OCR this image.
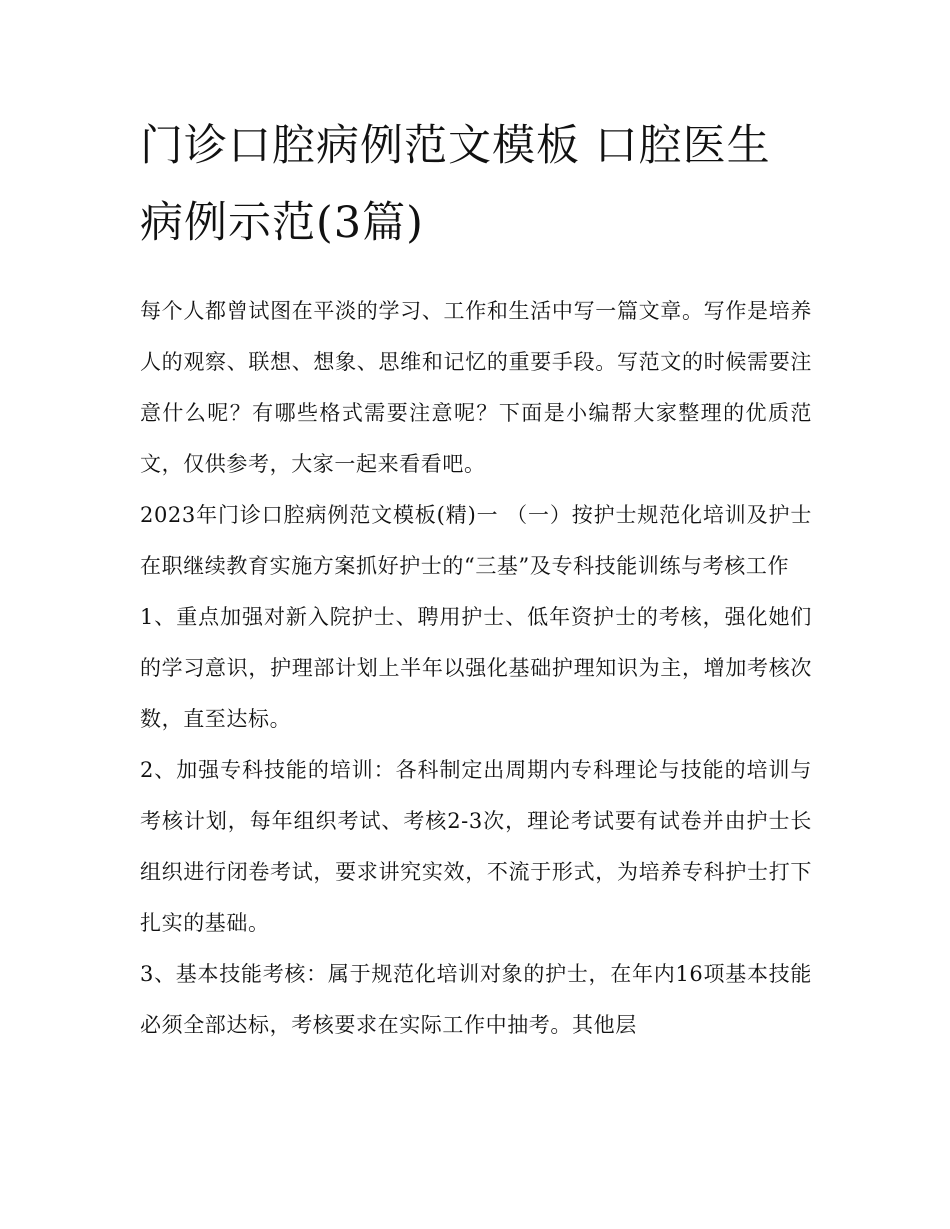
门诊口腔病例范文模板 口腔医生病例示范(3篇)

每个人都曾试图在平淡的学习、工作和生活中写一篇文章。写作是培养人的观察、联想、想象、思维和记忆的重要手段。写范文的时候需要注意什么呢？有哪些格式需要注意呢？下面是小编帮大家整理的优质范文，仅供参考，大家一起来看看吧。

2023年门诊口腔病例范文模板(精)一 （一）按护士规范化培训及护士在职继续教育实施方案抓好护士的“三基”及专科技能训练与考核工作

1、重点加强对新入院护士、聘用护士、低年资护士的考核，强化她们的学习意识，护理部计划上半年以强化基础护理知识为主，增加考核次数，直至达标。

2、加强专科技能的培训：各科制定出周期内专科理论与技能的培训与考核计划，每年组织考试、考核2-3次，理论考试要有试卷并由护士长组织进行闭卷考试，要求讲究实效，不流于形式，为培养专科护士打下扎实的基础。

3、基本技能考核：属于规范化培训对象的护士，在年内16项基本技能必须全部达标，考核要求在实际工作中抽考。其他层
